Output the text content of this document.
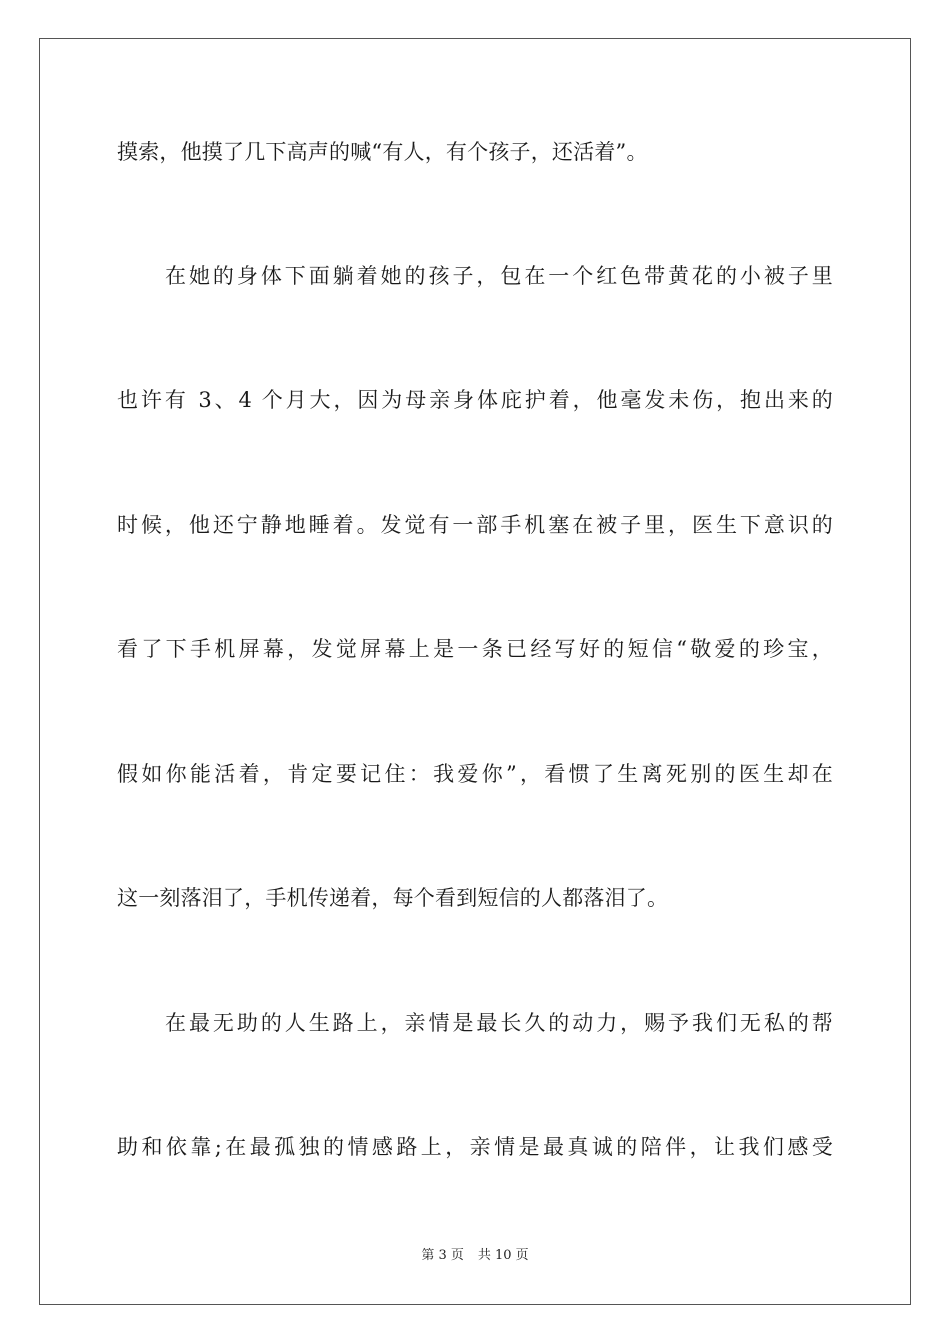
摸索，他摸了几下高声的喊“有人，有个孩子，还活着”。
在她的身体下面躺着她的孩子，包在一个红色带黄花的小被子里
也许有 3、4 个月大，因为母亲身体庇护着，他毫发未伤，抱出来的
时候，他还宁静地睡着。发觉有一部手机塞在被子里，医生下意识的
看了下手机屏幕，发觉屏幕上是一条已经写好的短信“敬爱的珍宝，
假如你能活着，肯定要记住：我爱你”，看惯了生离死别的医生却在
这一刻落泪了，手机传递着，每个看到短信的人都落泪了。
在最无助的人生路上，亲情是最长久的动力，赐予我们无私的帮
助和依靠;在最孤独的情感路上，亲情是最真诚的陪伴，让我们感受
第 3 页 共 10 页
